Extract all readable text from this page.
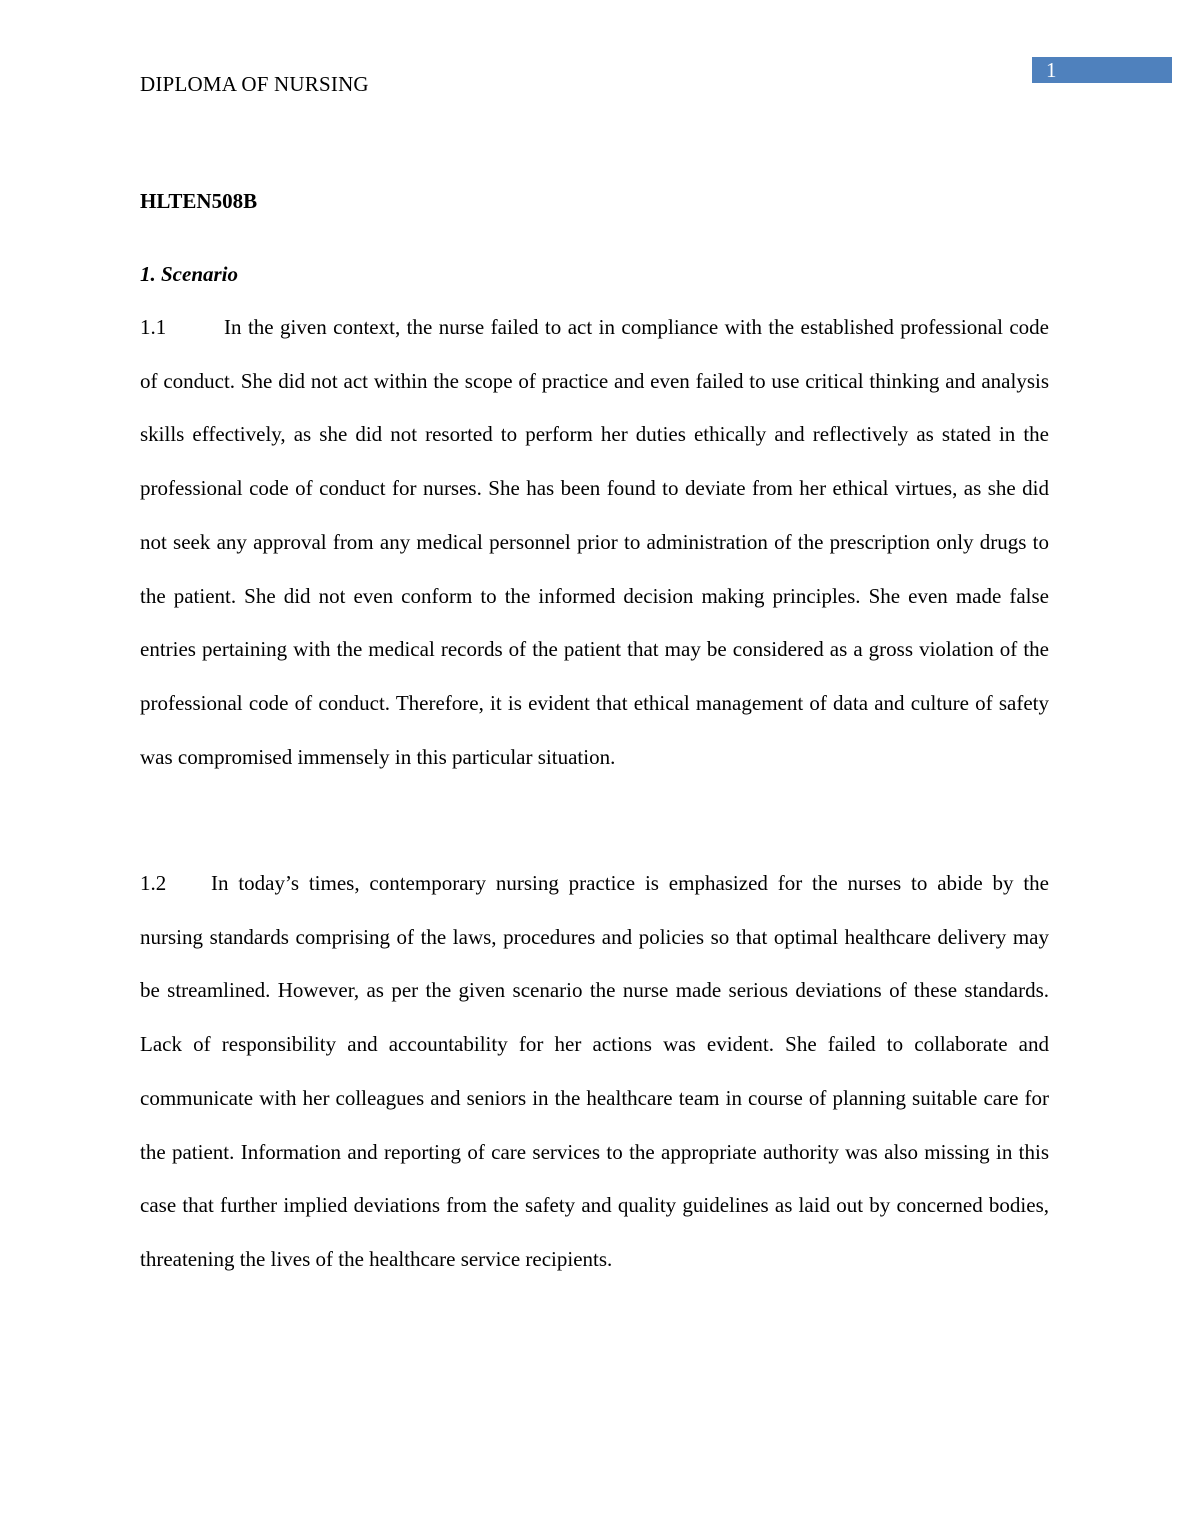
1
DIPLOMA OF NURSING
HLTEN508B
1. Scenario

1.1	In the given context, the nurse failed to act in compliance with the established professional code of conduct. She did not act within the scope of practice and even failed to use critical thinking and analysis skills effectively, as she did not resorted to perform her duties ethically and reflectively as stated in the professional code of conduct for nurses. She has been found to deviate from her ethical virtues, as she did not seek any approval from any medical personnel prior to administration of the prescription only drugs to the patient. She did not even conform to the informed decision making principles. She even made false entries pertaining with the medical records of the patient that may be considered as a gross violation of the professional code of conduct. Therefore, it is evident that ethical management of data and culture of safety was compromised immensely in this particular situation.

1.2 In today’s times, contemporary nursing practice is emphasized for the nurses to abide by the nursing standards comprising of the laws, procedures and policies so that optimal healthcare delivery may be streamlined. However, as per the given scenario the nurse made serious deviations of these standards. Lack of responsibility and accountability for her actions was evident. She failed to collaborate and communicate with her colleagues and seniors in the healthcare team in course of planning suitable care for the patient. Information and reporting of care services to the appropriate authority was also missing in this case that further implied deviations from the safety and quality guidelines as laid out by concerned bodies, threatening the lives of the healthcare service recipients.
